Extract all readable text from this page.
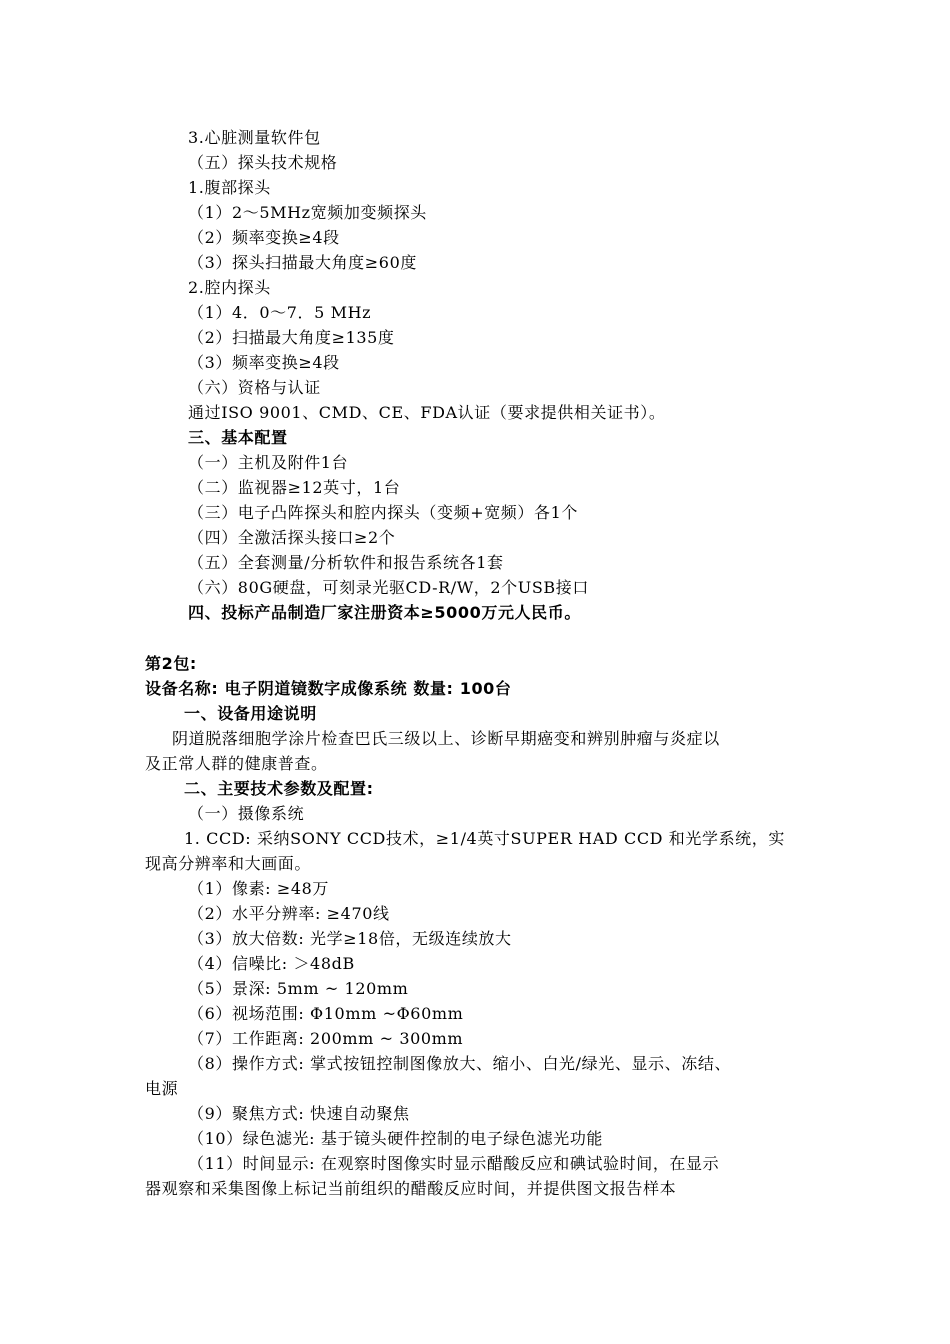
3.心脏测量软件包
（五）探头技术规格
1.腹部探头
（1）2～5MHz宽频加变频探头
（2）频率变换≥4段
（3）探头扫描最大角度≥60度
2.腔内探头
（1）4．0～7．5 MHz
（2）扫描最大角度≥135度
（3）频率变换≥4段
（六）资格与认证
通过ISO 9001、CMD、CE、FDA认证（要求提供相关证书）。
三、基本配置
（一）主机及附件1台
（二）监视器≥12英寸，1台
（三）电子凸阵探头和腔内探头（变频+宽频）各1个
（四）全激活探头接口≥2个
（五）全套测量/分析软件和报告系统各1套
（六）80G硬盘，可刻录光驱CD-R/W，2个USB接口
四、投标产品制造厂家注册资本≥5000万元人民币。
第2包:
设备名称: 电子阴道镜数字成像系统 数量: 100台
一、设备用途说明
阴道脱落细胞学涂片检查巴氏三级以上、诊断早期癌变和辨别肿瘤与炎症以
及正常人群的健康普查。
二、主要技术参数及配置:
（一）摄像系统
1. CCD: 采纳SONY CCD技术，≥1/4英寸SUPER HAD CCD 和光学系统，实
现高分辨率和大画面。
（1）像素: ≥48万
（2）水平分辨率: ≥470线
（3）放大倍数: 光学≥18倍，无级连续放大
（4）信噪比: ＞48dB
（5）景深: 5mm ~ 120mm
（6）视场范围: Φ10mm ~Φ60mm
（7）工作距离: 200mm ~ 300mm
（8）操作方式: 掌式按钮控制图像放大、缩小、白光/绿光、显示、冻结、
电源
（9）聚焦方式: 快速自动聚焦
（10）绿色滤光: 基于镜头硬件控制的电子绿色滤光功能
（11）时间显示: 在观察时图像实时显示醋酸反应和碘试验时间，在显示
器观察和采集图像上标记当前组织的醋酸反应时间，并提供图文报告样本
